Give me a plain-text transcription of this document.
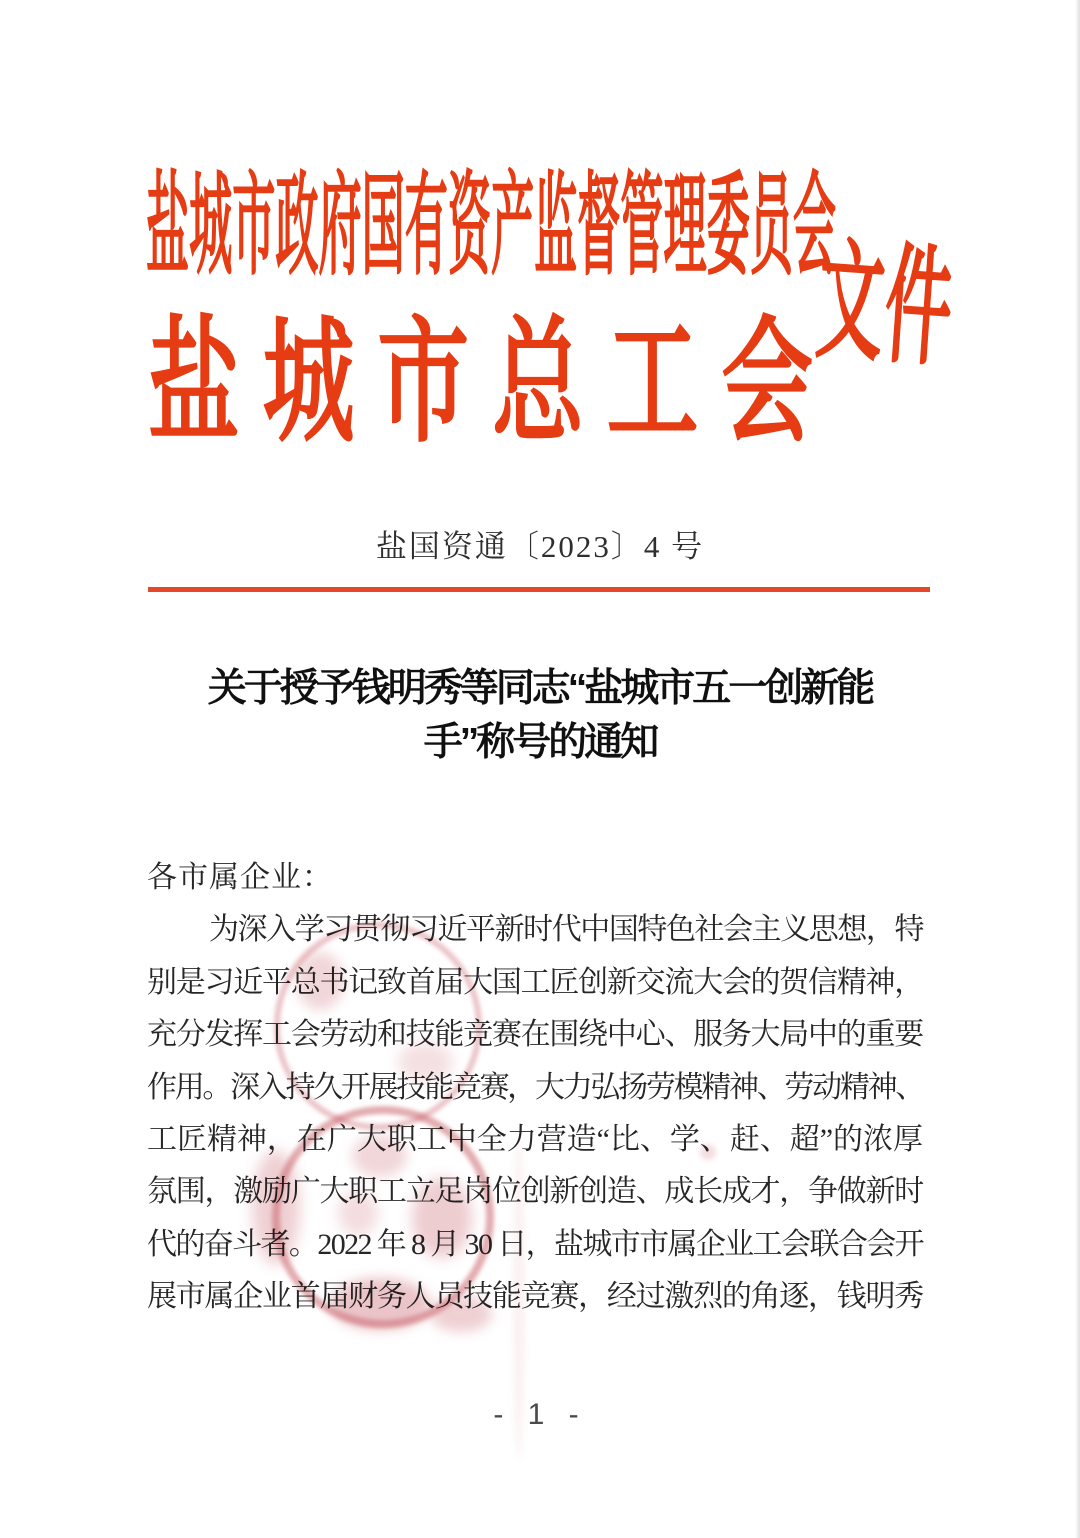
盐城市政府国有资产监督管理委员会
盐城市总工会
文件
盐国资通〔2023〕4 号
关于授予钱明秀等同志“盐城市五一创新能
手”称号的通知
各市属企业：
为深入学习贯彻习近平新时代中国特色社会主义思想，特
别是习近平总书记致首届大国工匠创新交流大会的贺信精神，
充分发挥工会劳动和技能竞赛在围绕中心、服务大局中的重要
作用。深入持久开展技能竞赛，大力弘扬劳模精神、劳动精神、
工匠精神，在广大职工中全力营造“比、学、赶、超”的浓厚
氛围，激励广大职工立足岗位创新创造、成长成才，争做新时
代的奋斗者。2022 年 8 月 30 日，盐城市市属企业工会联合会开
展市属企业首届财务人员技能竞赛，经过激烈的角逐，钱明秀
- 1 -
